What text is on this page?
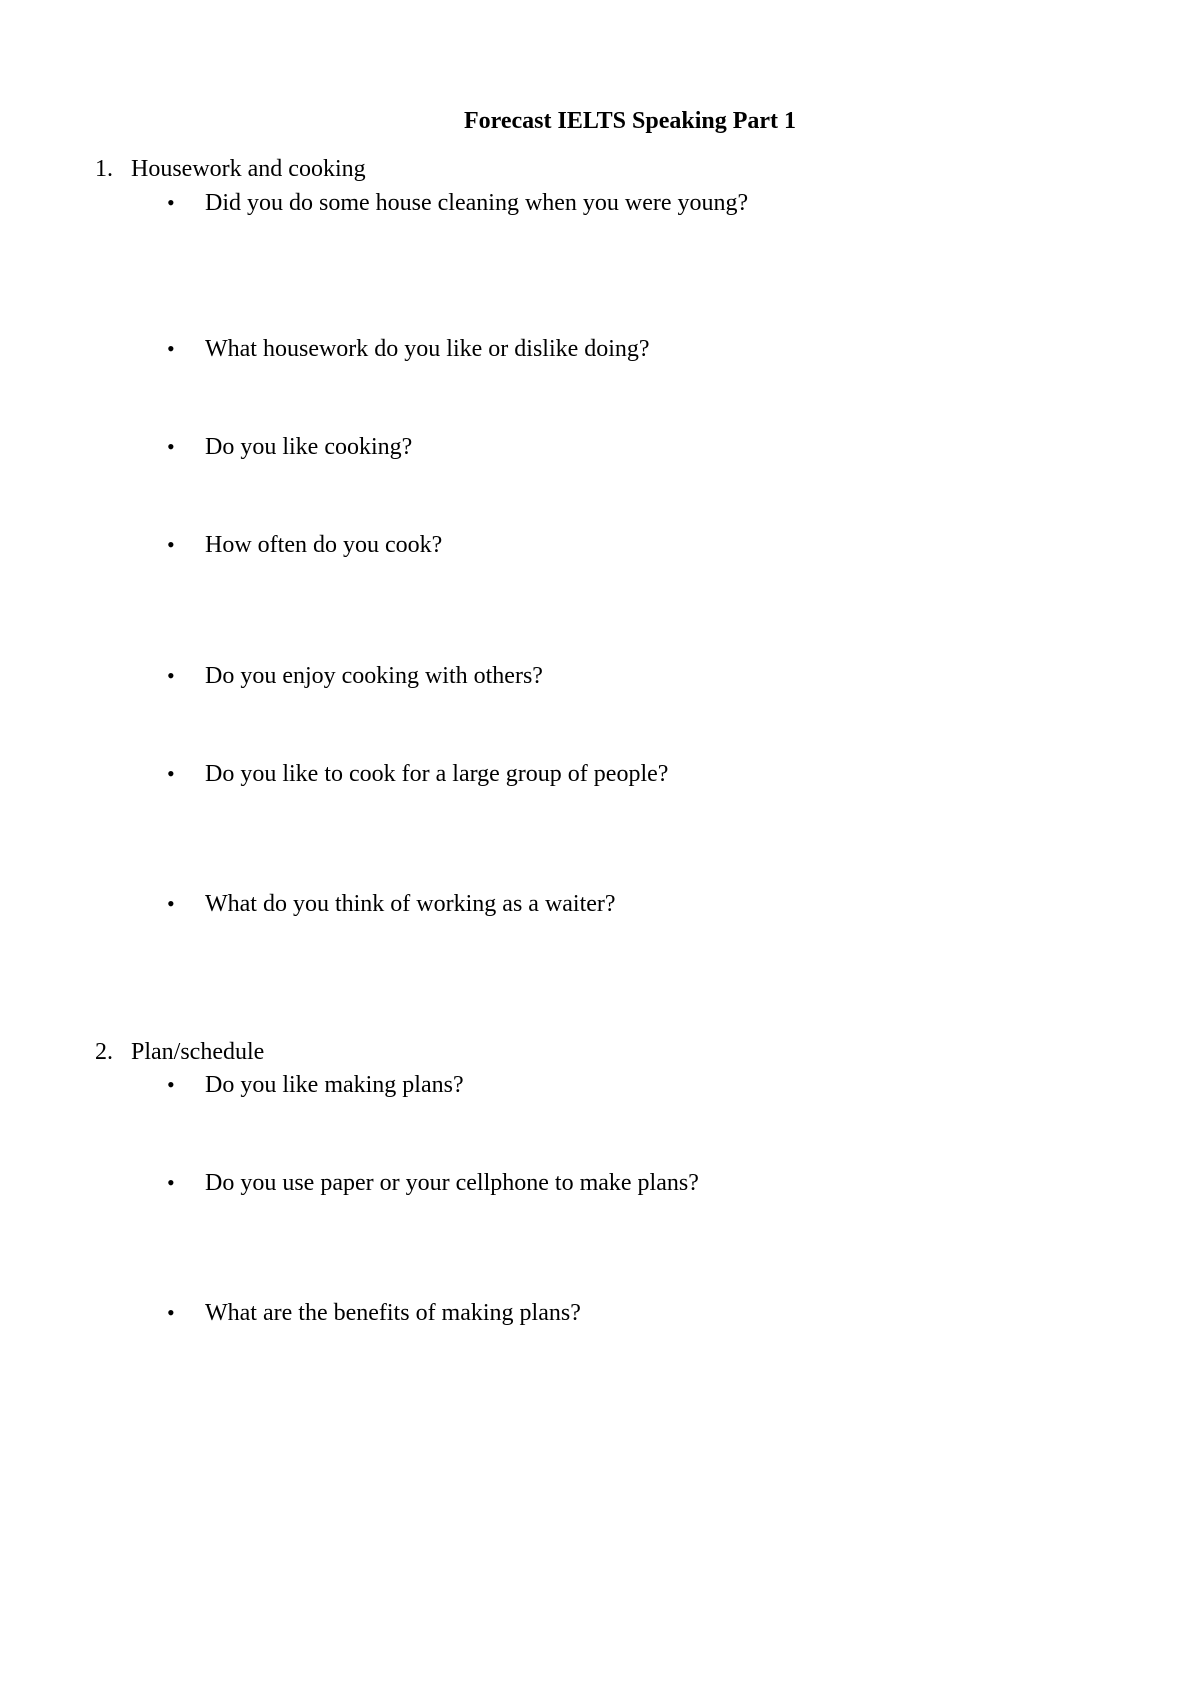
Forecast IELTS Speaking Part 1
1. Housework and cooking
• Did you do some house cleaning when you were young?
• What housework do you like or dislike doing?
• Do you like cooking?
• How often do you cook?
• Do you enjoy cooking with others?
• Do you like to cook for a large group of people?
• What do you think of working as a waiter?
2. Plan/schedule
• Do you like making plans?
• Do you use paper or your cellphone to make plans?
• What are the benefits of making plans?
